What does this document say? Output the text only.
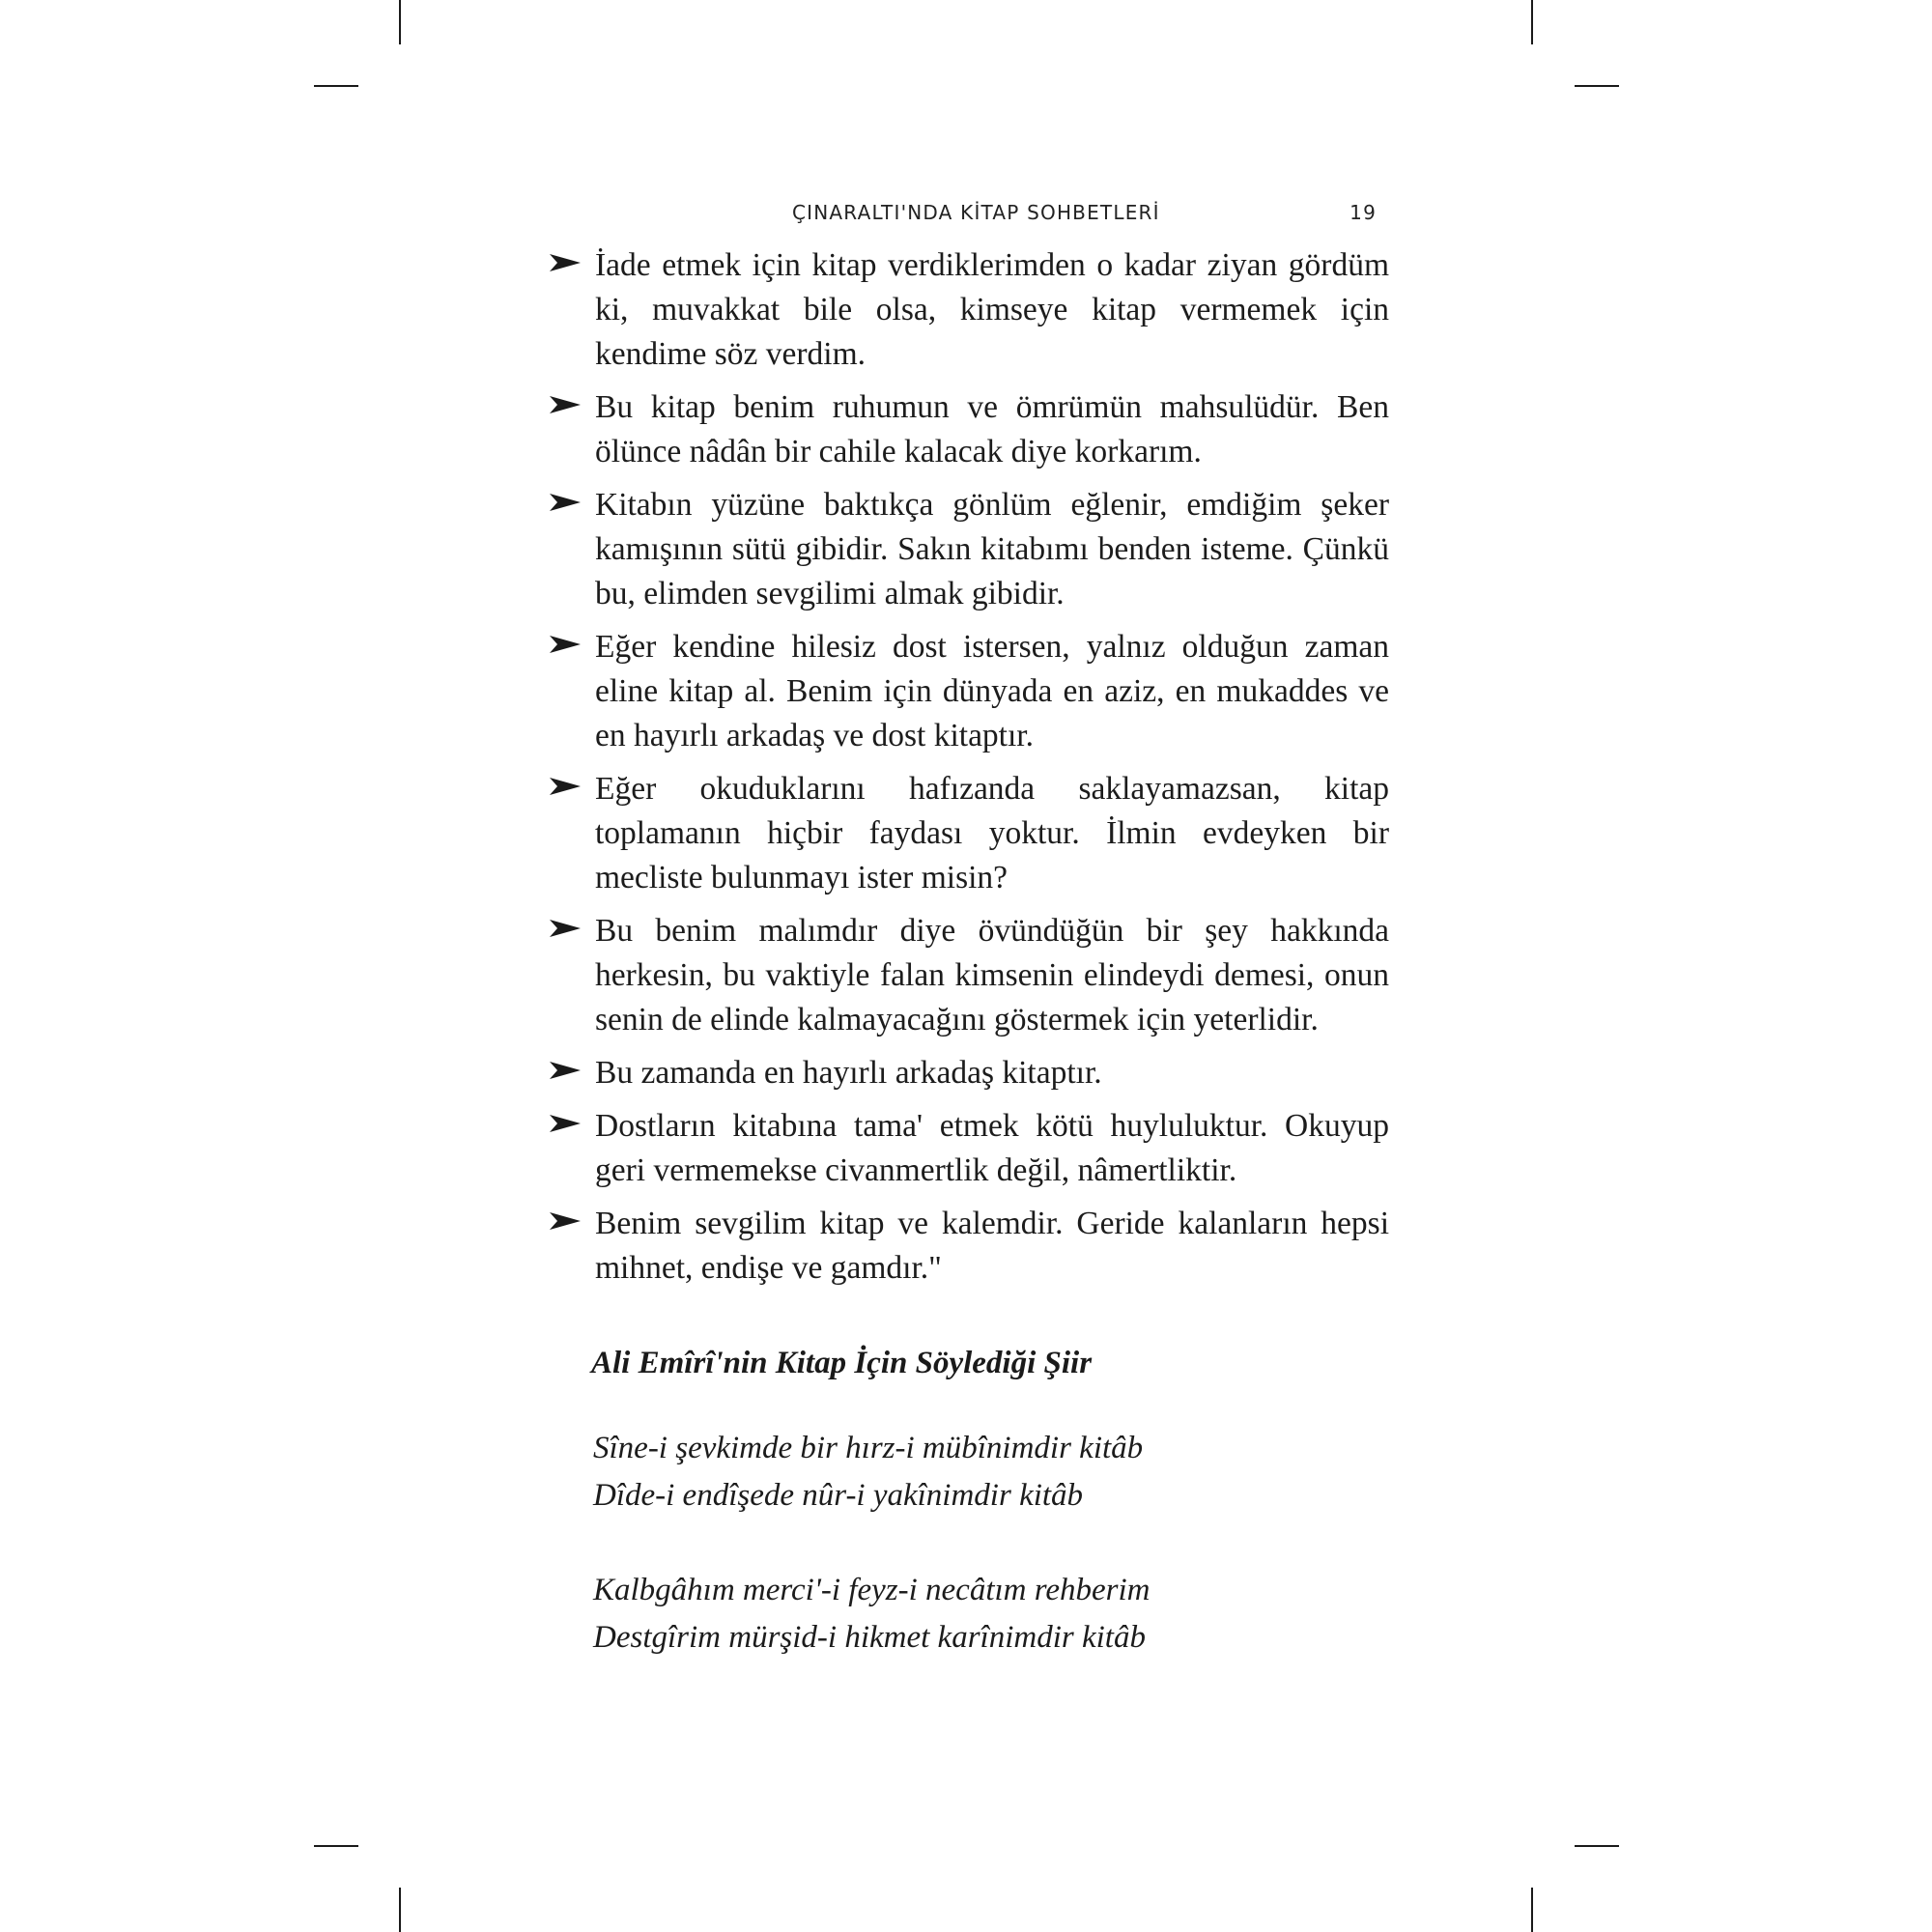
ÇINARALTI'NDA KİTAP SOHBETLERİ	19
İade etmek için kitap verdiklerimden o kadar ziyan gördüm ki, muvakkat bile olsa, kimseye kitap vermemek için kendime söz verdim.
Bu kitap benim ruhumun ve ömrümün mahsulüdür. Ben ölünce nâdân bir cahile kalacak diye korkarım.
Kitabın yüzüne baktıkça gönlüm eğlenir, emdiğim şeker kamışının sütü gibidir. Sakın kitabımı benden isteme. Çünkü bu, elimden sevgilimi almak gibidir.
Eğer kendine hilesiz dost istersen, yalnız olduğun zaman eline kitap al. Benim için dünyada en aziz, en mukaddes ve en hayırlı arkadaş ve dost kitaptır.
Eğer okuduklarını hafızanda saklayamazsan, kitap toplamanın hiçbir faydası yoktur. İlmin evdeyken bir mecliste bulunmayı ister misin?
Bu benim malımdır diye övündüğün bir şey hakkında herkesin, bu vaktiyle falan kimsenin elindeydi demesi, onun senin de elinde kalmayacağını göstermek için yeterlidir.
Bu zamanda en hayırlı arkadaş kitaptır.
Dostların kitabına tama' etmek kötü huyluluktur. Okuyup geri vermemekse civanmertlik değil, nâmertliktir.
Benim sevgilim kitap ve kalemdir. Geride kalanların hepsi mihnet, endişe ve gamdır."
Ali Emîrî'nin Kitap İçin Söylediği Şiir
Sîne-i şevkimde bir hırz-i mübînimdir kitâb
Dîde-i endîşede nûr-i yakînimdir kitâb
Kalbgâhım merci'-i feyz-i necâtım rehberim
Destgîrim mürşid-i hikmet karînimdir kitâb
